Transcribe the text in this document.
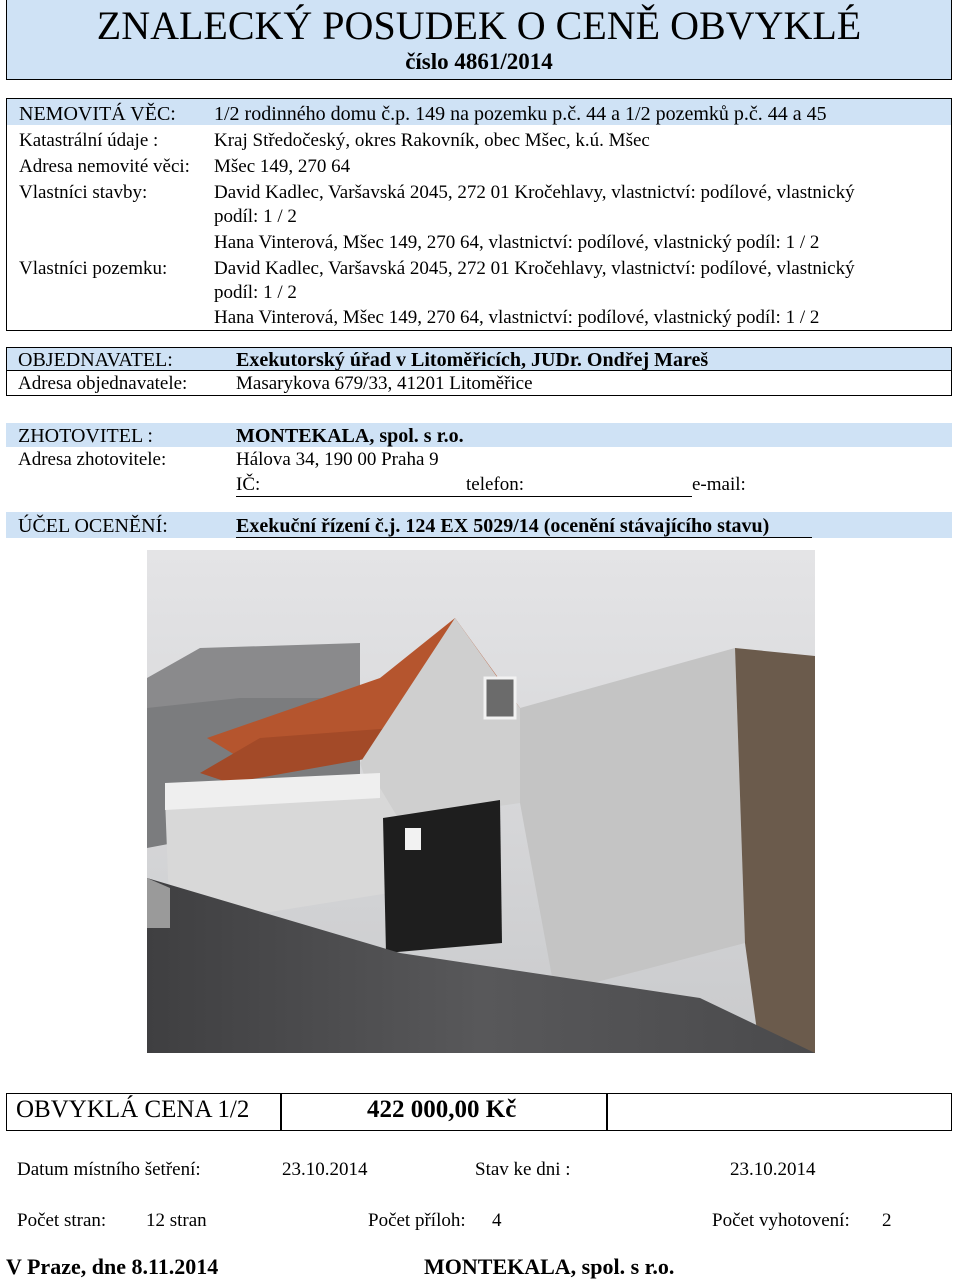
ZNALECKÝ POSUDEK O CENĚ OBVYKLÉ
číslo 4861/2014
NEMOVITÁ VĚC: 1/2 rodinného domu č.p. 149 na pozemku p.č. 44 a 1/2 pozemků p.č. 44 a 45
Katastrální údaje :	Kraj Středočeský, okres Rakovník, obec Mšec, k.ú. Mšec
Adresa nemovité věci: Mšec 149, 270 64
Vlastníci stavby:	David Kadlec, Varšavská 2045, 272 01 Kročehlavy, vlastnictví: podílové, vlastnický
podíl: 1 / 2
Hana Vinterová, Mšec 149, 270 64, vlastnictví: podílové, vlastnický podíl: 1 / 2
Vlastníci pozemku: David Kadlec, Varšavská 2045, 272 01 Kročehlavy, vlastnictví: podílové, vlastnický
podíl: 1 / 2
Hana Vinterová, Mšec 149, 270 64, vlastnictví: podílové, vlastnický podíl: 1 / 2
OBJEDNAVATEL:	Exekutorský úřad v Litoměřicích, JUDr. Ondřej Mareš
Adresa objednavatele:	Masarykova 679/33, 41201 Litoměřice
ZHOTOVITEL :	MONTEKALA, spol. s r.o.
Adresa zhotovitele:	Hálova 34, 190 00 Praha 9
IČ:	telefon:	e-mail:
ÚČEL OCENĚNÍ:	Exekuční řízení č.j. 124 EX 5029/14 (ocenění stávajícího stavu)
OBVYKLÁ CENA 1/2	422 000,00 Kč
Datum místního šetření:	23.10.2014	Stav ke dni :	23.10.2014
Počet stran: 12 stran	Počet příloh: 4	Počet vyhotovení: 2
V Praze, dne 8.11.2014	MONTEKALA, spol. s r.o.
